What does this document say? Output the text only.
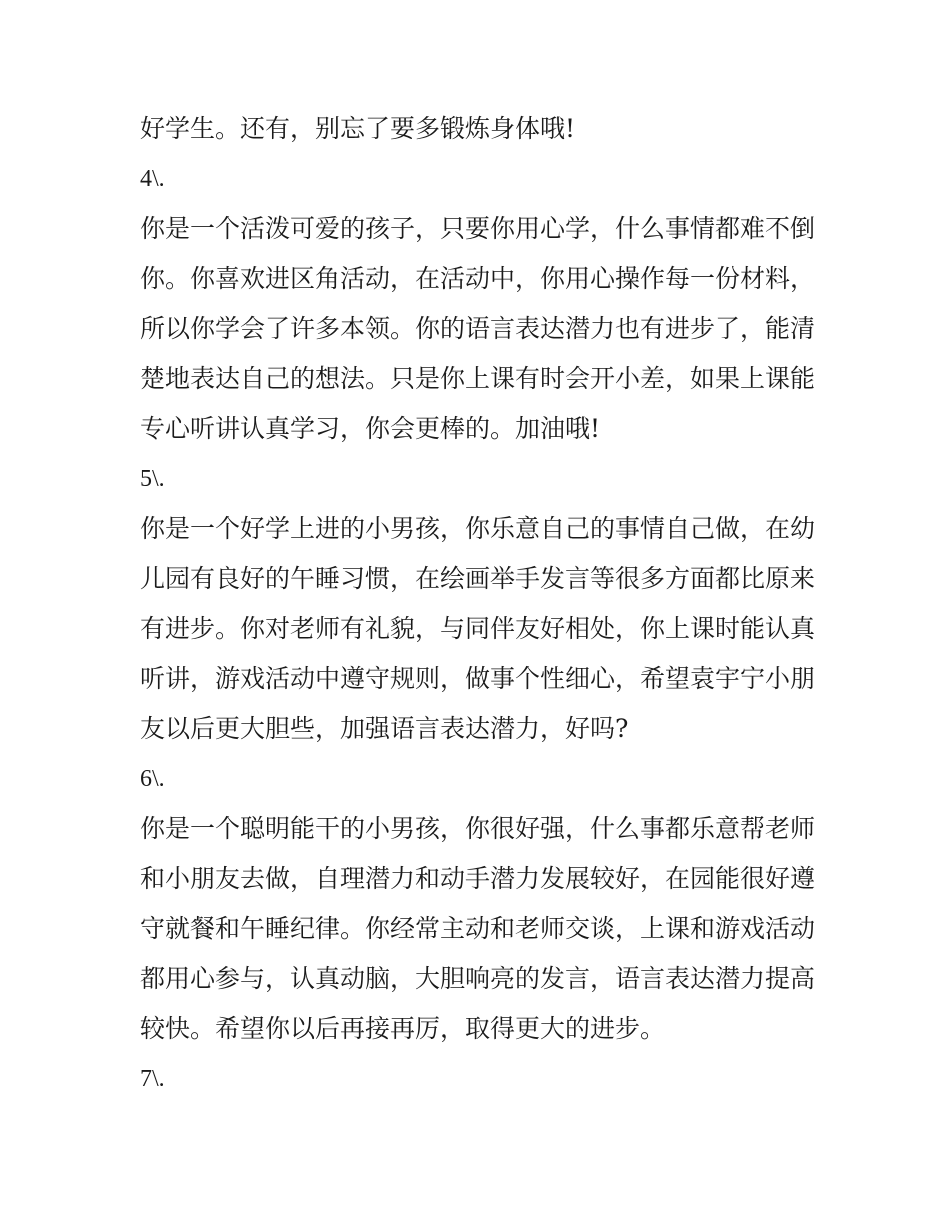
好学生。还有，别忘了要多锻炼身体哦!
4\.
你是一个活泼可爱的孩子，只要你用心学，什么事情都难不倒
你。你喜欢进区角活动，在活动中，你用心操作每一份材料，
所以你学会了许多本领。你的语言表达潜力也有进步了，能清
楚地表达自己的想法。只是你上课有时会开小差，如果上课能
专心听讲认真学习，你会更棒的。加油哦!
5\.
你是一个好学上进的小男孩，你乐意自己的事情自己做，在幼
儿园有良好的午睡习惯，在绘画举手发言等很多方面都比原来
有进步。你对老师有礼貌，与同伴友好相处，你上课时能认真
听讲，游戏活动中遵守规则，做事个性细心，希望袁宇宁小朋
友以后更大胆些，加强语言表达潜力，好吗?
6\.
你是一个聪明能干的小男孩，你很好强，什么事都乐意帮老师
和小朋友去做，自理潜力和动手潜力发展较好，在园能很好遵
守就餐和午睡纪律。你经常主动和老师交谈，上课和游戏活动
都用心参与，认真动脑，大胆响亮的发言，语言表达潜力提高
较快。希望你以后再接再厉，取得更大的进步。
7\.
